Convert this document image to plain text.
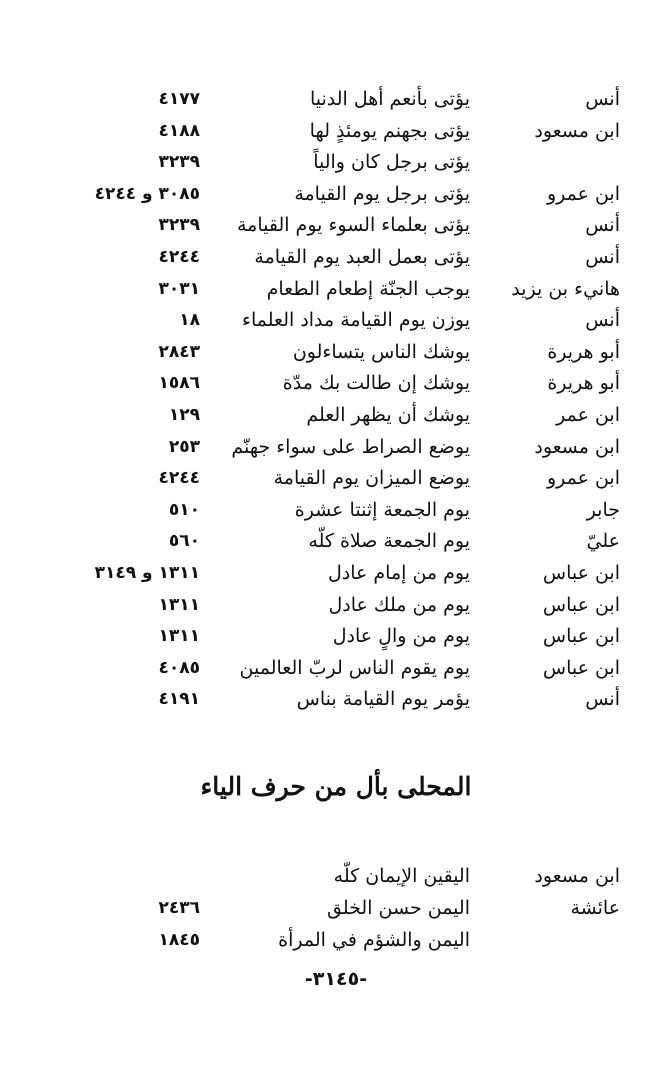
أنس
يؤتى بأنعم أهل الدنيا
٤١٧٧
ابن مسعود
يؤتى بجهنم يومئذٍ لها
٤١٨٨
يؤتى برجل كان والياً
٣٢٣٩
ابن عمرو
يؤتى برجل يوم القيامة
٣٠٨٥ و ٤٢٤٤
أنس
يؤتى بعلماء السوء يوم القيامة
٣٢٣٩
أنس
يؤتى بعمل العبد يوم القيامة
٤٢٤٤
هانيء بن يزيد
يوجب الجنّة إطعام الطعام
٣٠٣١
أنس
يوزن يوم القيامة مداد العلماء
١٨
أبو هريرة
يوشك الناس يتساءلون
٢٨٤٣
أبو هريرة
يوشك إن طالت بك مدّة
١٥٨٦
ابن عمر
يوشك أن يظهر العلم
١٢٩
ابن مسعود
يوضع الصراط على سواء جهنّم
٢٥٣
ابن عمرو
يوضع الميزان يوم القيامة
٤٢٤٤
جابر
يوم الجمعة إثنتا عشرة
٥١٠
عليّ
يوم الجمعة صلاة كلّه
٥٦٠
ابن عباس
يوم من إمام عادل
١٣١١ و ٣١٤٩
ابن عباس
يوم من ملك عادل
١٣١١
ابن عباس
يوم من والٍ عادل
١٣١١
ابن عباس
يوم يقوم الناس لربّ العالمين
٤٠٨٥
أنس
يؤمر يوم القيامة بناس
٤١٩١
المحلى بأل من حرف الياء
ابن مسعود
اليقين الإيمان كلّه
عائشة
اليمن حسن الخلق
٢٤٣٦
اليمن والشؤم في المرأة
١٨٤٥
-٣١٤٥-
